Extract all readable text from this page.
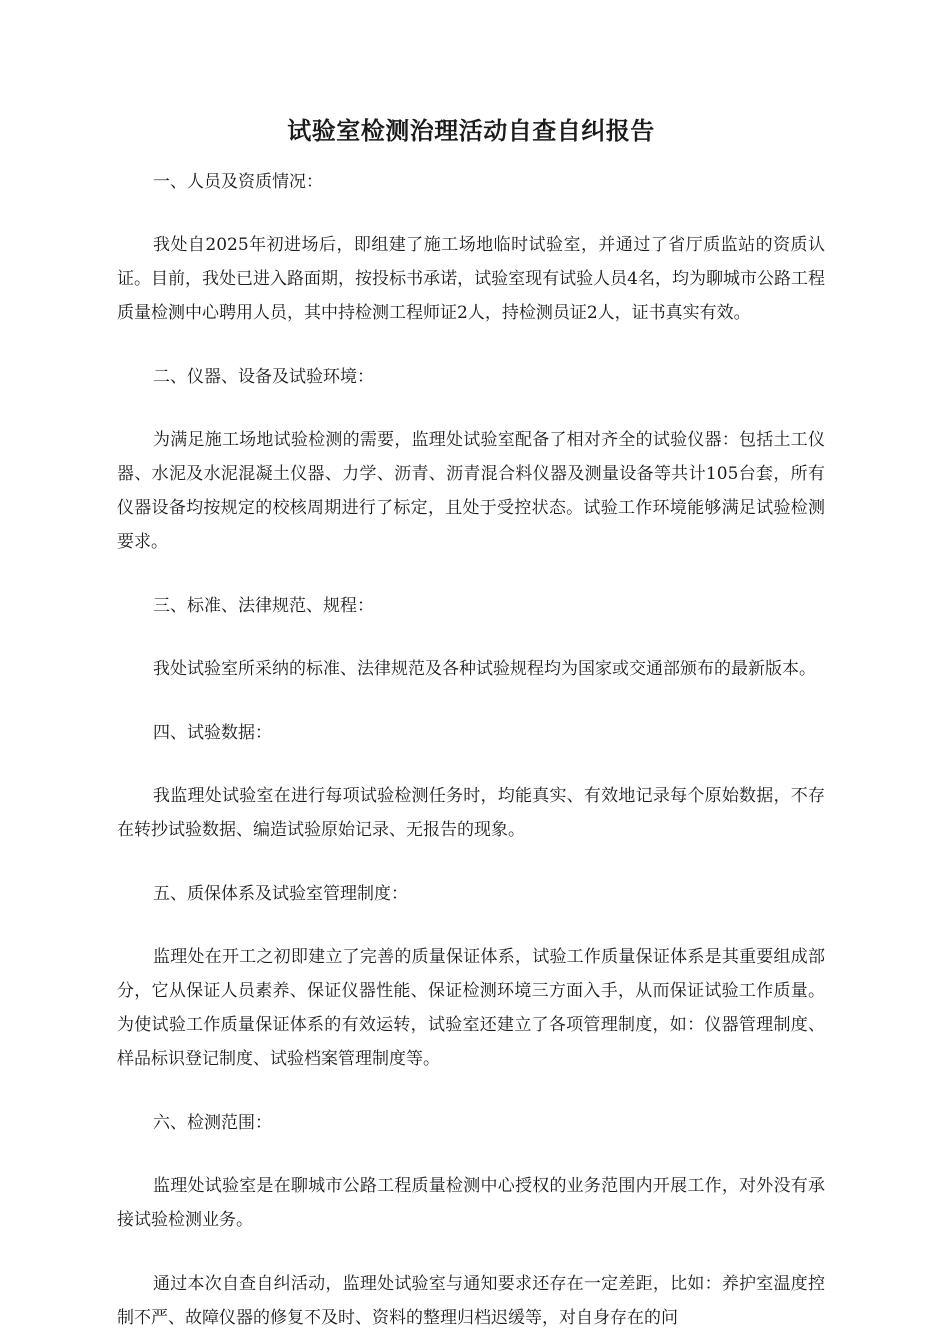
试验室检测治理活动自查自纠报告

一、人员及资质情况：

我处自2025年初进场后，即组建了施工场地临时试验室，并通过了省厅质监站的资质认证。目前，我处已进入路面期，按投标书承诺，试验室现有试验人员4名，均为聊城市公路工程质量检测中心聘用人员，其中持检测工程师证2人，持检测员证2人，证书真实有效。

二、仪器、设备及试验环境：

为满足施工场地试验检测的需要，监理处试验室配备了相对齐全的试验仪器：包括土工仪器、水泥及水泥混凝土仪器、力学、沥青、沥青混合料仪器及测量设备等共计105台套，所有仪器设备均按规定的校核周期进行了标定，且处于受控状态。试验工作环境能够满足试验检测要求。

三、标准、法律规范、规程：

我处试验室所采纳的标准、法律规范及各种试验规程均为国家或交通部颁布的最新版本。

四、试验数据：

我监理处试验室在进行每项试验检测任务时，均能真实、有效地记录每个原始数据，不存在转抄试验数据、编造试验原始记录、无报告的现象。

五、质保体系及试验室管理制度：

监理处在开工之初即建立了完善的质量保证体系，试验工作质量保证体系是其重要组成部分，它从保证人员素养、保证仪器性能、保证检测环境三方面入手，从而保证试验工作质量。为使试验工作质量保证体系的有效运转，试验室还建立了各项管理制度，如：仪器管理制度、样品标识登记制度、试验档案管理制度等。

六、检测范围：

监理处试验室是在聊城市公路工程质量检测中心授权的业务范围内开展工作，对外没有承接试验检测业务。

通过本次自查自纠活动，监理处试验室与通知要求还存在一定差距，比如：养护室温度控制不严、故障仪器的修复不及时、资料的整理归档迟缓等，对自身存在的问
